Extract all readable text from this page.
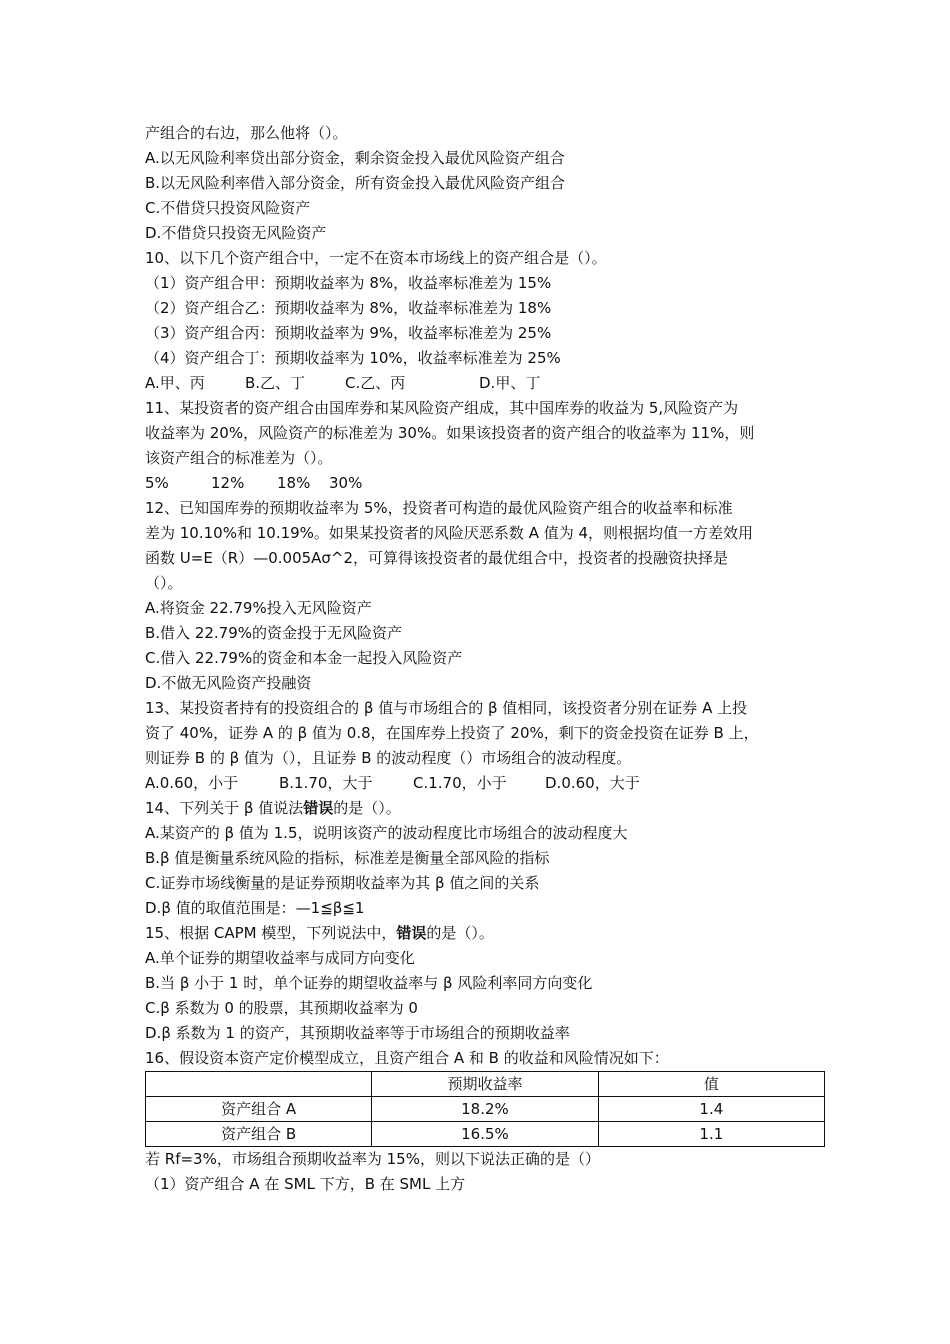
产组合的右边，那么他将（）。
A.以无风险利率贷出部分资金，剩余资金投入最优风险资产组合
B.以无风险利率借入部分资金，所有资金投入最优风险资产组合
C.不借贷只投资风险资产
D.不借贷只投资无风险资产
10、以下几个资产组合中，一定不在资本市场线上的资产组合是（）。
（1）资产组合甲：预期收益率为 8%，收益率标准差为 15%
（2）资产组合乙：预期收益率为 8%，收益率标准差为 18%
（3）资产组合丙：预期收益率为 9%，收益率标准差为 25%
（4）资产组合丁：预期收益率为 10%，收益率标准差为 25%
A.甲、丙	B.乙、丁	C.乙、丙	D.甲、丁
11、某投资者的资产组合由国库券和某风险资产组成，其中国库券的收益为 5,风险资产为
收益率为 20%，风险资产的标准差为 30%。如果该投资者的资产组合的收益率为 11%，则
该资产组合的标准差为（）。
5%	12% 18% 30%
12、已知国库券的预期收益率为 5%，投资者可构造的最优风险资产组合的收益率和标准
差为 10.10%和 10.19%。如果某投资者的风险厌恶系数 A 值为 4，则根据均值一方差效用
函数 U=E（R）—0.005Aσ^2，可算得该投资者的最优组合中，投资者的投融资抉择是
（）。
A.将资金 22.79%投入无风险资产
B.借入 22.79%的资金投于无风险资产
C.借入 22.79%的资金和本金一起投入风险资产
D.不做无风险资产投融资
13、某投资者持有的投资组合的 β 值与市场组合的 β 值相同，该投资者分别在证券 A 上投
资了 40%，证券 A 的 β 值为 0.8，在国库券上投资了 20%，剩下的资金投资在证券 B 上，
则证券 B 的 β 值为（），且证券 B 的波动程度（）市场组合的波动程度。
A.0.60，小于	B.1.70，大于	C.1.70，小于	D.0.60，大于
14、下列关于 β 值说法错误的是（）。
A.某资产的 β 值为 1.5，说明该资产的波动程度比市场组合的波动程度大
B.β 值是衡量系统风险的指标，标准差是衡量全部风险的指标
C.证券市场线衡量的是证券预期收益率为其 β 值之间的关系
D.β 值的取值范围是：—1≦β≦1
15、根据 CAPM 模型，下列说法中，错误的是（）。
A.单个证券的期望收益率与成同方向变化
B.当 β 小于 1 时，单个证券的期望收益率与 β 风险利率同方向变化
C.β 系数为 0 的股票，其预期收益率为 0
D.β 系数为 1 的资产，其预期收益率等于市场组合的预期收益率
16、假设资本资产定价模型成立，且资产组合 A 和 B 的收益和风险情况如下：
	预期收益率	值
资产组合 A	18.2%	1.4
资产组合 B	16.5%	1.1
若 Rf=3%，市场组合预期收益率为 15%，则以下说法正确的是（）
（1）资产组合 A 在 SML 下方，B 在 SML 上方
